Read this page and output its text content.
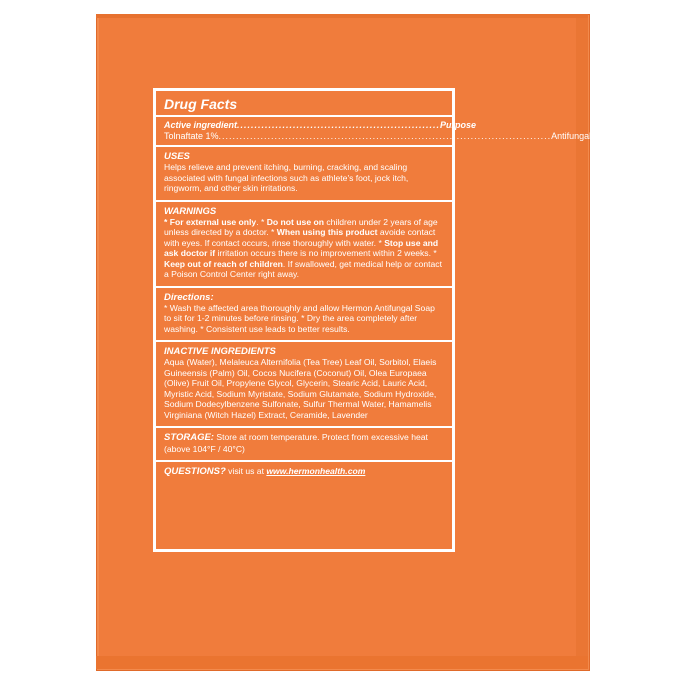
Drug Facts
Active ingredient .......................................................... Purpose
Tolnaftate 1% ............................................................................................... Antifungal
USES
Helps relieve and prevent itching, burning, cracking, and scaling associated with fungal infections such as athlete's foot, jock itch, ringworm, and other skin irritations.
WARNINGS
* For external use only. * Do not use on children under 2 years of age unless directed by a doctor. * When using this product avoide contact with eyes. If contact occurs, rinse thoroughly with water. * Stop use and ask doctor if irritation occurs there is no improvement within 2 weeks. * Keep out of reach of children. If swallowed, get medical help or contact a Poison Control Center right away.
Directions:
* Wash the affected area thoroughly and allow Hermon Antifungal Soap to sit for 1-2 minutes before rinsing. * Dry the area completely after washing. * Consistent use leads to better results.
INACTIVE INGREDIENTS
Aqua (Water), Melaleuca Alternifolia (Tea Tree) Leaf Oil, Sorbitol, Elaeis Guineensis (Palm) Oil, Cocos Nucifera (Coconut) Oil, Olea Europaea (Olive) Fruit Oil, Propylene Glycol, Glycerin, Stearic Acid, Lauric Acid, Myristic Acid, Sodium Myristate, Sodium Glutamate, Sodium Hydroxide, Sodium Dodecylbenzene Sulfonate, Sulfur Thermal Water, Hamamelis Virginiana (Witch Hazel) Extract, Ceramide, Lavender
STORAGE: Store at room temperature. Protect from excessive heat (above 104°F / 40°C)
QUESTIONS? visit us at www.hermonhealth.com
